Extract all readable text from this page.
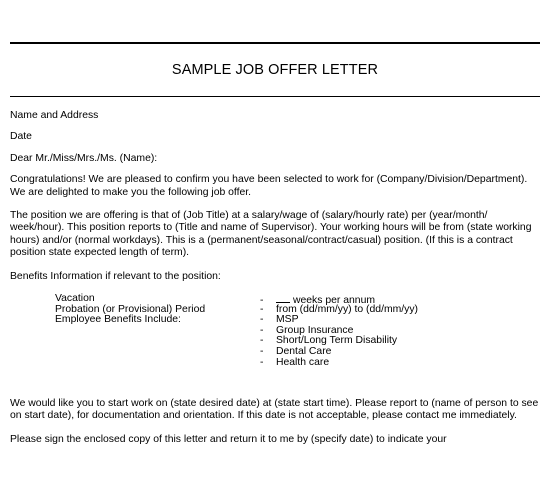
SAMPLE JOB OFFER LETTER

Name and Address

Date

Dear Mr./Miss/Mrs./Ms. (Name):

Congratulations! We are pleased to confirm you have been selected to work for (Company/Division/Department). We are delighted to make you the following job offer.

The position we are offering is that of (Job Title) at a salary/wage of (salary/hourly rate) per (year/month/ week/hour). This position reports to (Title and name of Supervisor). Your working hours will be from (state working hours) and/or (normal workdays). This is a (permanent/seasonal/contract/casual) position. (If this is a contract position state expected length of term).

Benefits Information if relevant to the position:

Vacation
Probation (or Provisional) Period
Employee Benefits Include:
-	weeks per annum
- from (dd/mm/yy) to (dd/mm/yy)
- MSP
- Group Insurance
- Short/Long Term Disability
- Dental Care
- Health care

We would like you to start work on (state desired date) at (state start time). Please report to (name of person to see on start date), for documentation and orientation. If this date is not acceptable, please contact me immediately.

Please sign the enclosed copy of this letter and return it to me by (specify date) to indicate your
